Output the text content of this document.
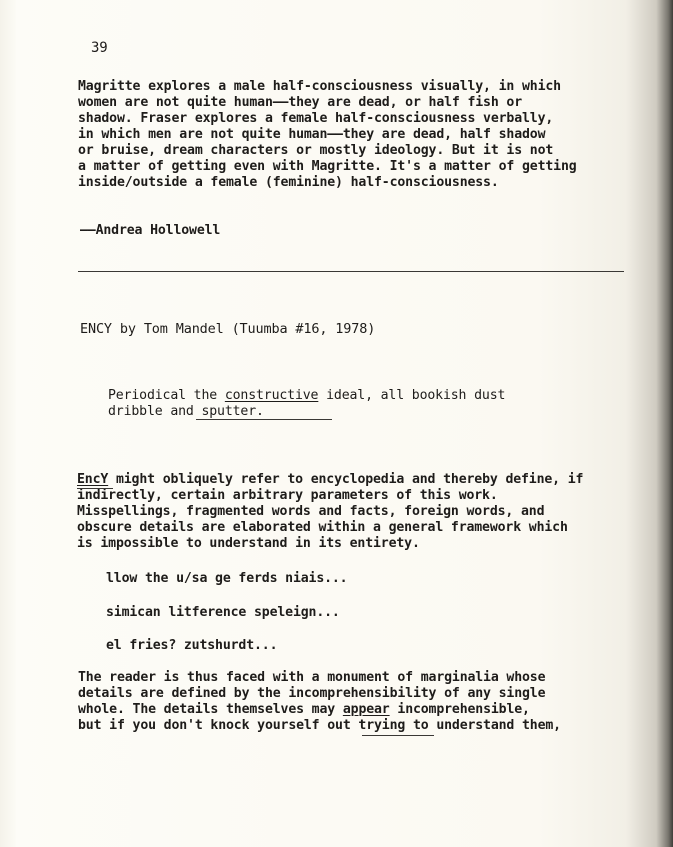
39
Magritte explores a male half-consciousness visually, in which
women are not quite human——they are dead, or half fish or
shadow. Fraser explores a female half-consciousness verbally,
in which men are not quite human——they are dead, half shadow
or bruise, dream characters or mostly ideology. But it is not
a matter of getting even with Magritte. It's a matter of getting
inside/outside a female (feminine) half-consciousness.
——Andrea Hollowell
ENCY by Tom Mandel (Tuumba #16, 1978)
Periodical the constructive ideal, all bookish dust
dribble and sputter.
EncY might obliquely refer to encyclopedia and thereby define, if
indirectly, certain arbitrary parameters of this work.
Misspellings, fragmented words and facts, foreign words, and
obscure details are elaborated within a general framework which
is impossible to understand in its entirety.
llow the u/sa ge ferds niais...
simican litference speleign...
el fries? zutshurdt...
The reader is thus faced with a monument of marginalia whose
details are defined by the incomprehensibility of any single
whole. The details themselves may appear incomprehensible,
but if you don't knock yourself out trying to understand them,
